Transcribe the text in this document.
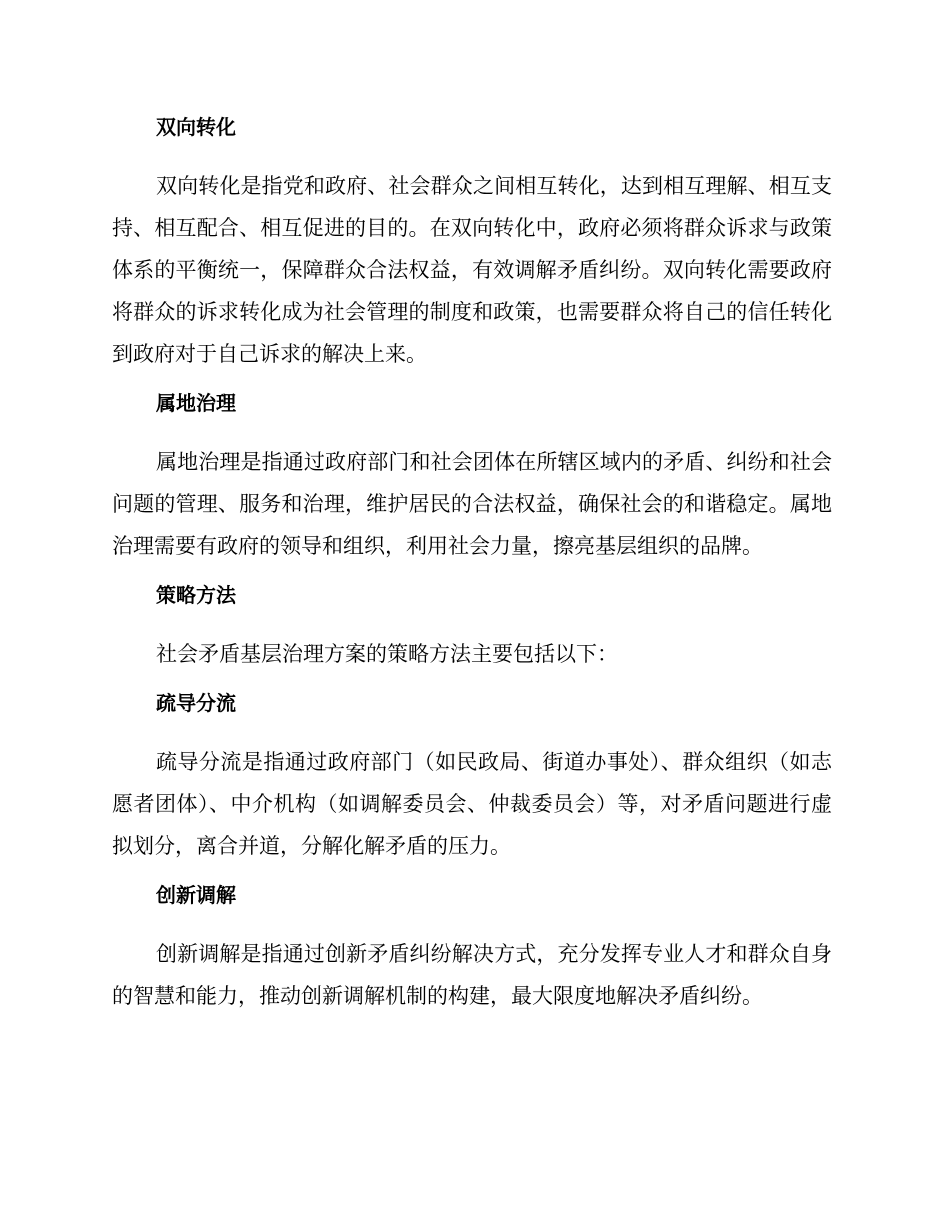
双向转化

双向转化是指党和政府、社会群众之间相互转化，达到相互理解、相互支持、相互配合、相互促进的目的。在双向转化中，政府必须将群众诉求与政策体系的平衡统一，保障群众合法权益，有效调解矛盾纠纷。双向转化需要政府将群众的诉求转化成为社会管理的制度和政策，也需要群众将自己的信任转化到政府对于自己诉求的解决上来。

属地治理

属地治理是指通过政府部门和社会团体在所辖区域内的矛盾、纠纷和社会问题的管理、服务和治理，维护居民的合法权益，确保社会的和谐稳定。属地治理需要有政府的领导和组织，利用社会力量，擦亮基层组织的品牌。

策略方法

社会矛盾基层治理方案的策略方法主要包括以下：

疏导分流

疏导分流是指通过政府部门（如民政局、街道办事处）、群众组织（如志愿者团体）、中介机构（如调解委员会、仲裁委员会）等，对矛盾问题进行虚拟划分，离合并道，分解化解矛盾的压力。

创新调解

创新调解是指通过创新矛盾纠纷解决方式，充分发挥专业人才和群众自身的智慧和能力，推动创新调解机制的构建，最大限度地解决矛盾纠纷。
